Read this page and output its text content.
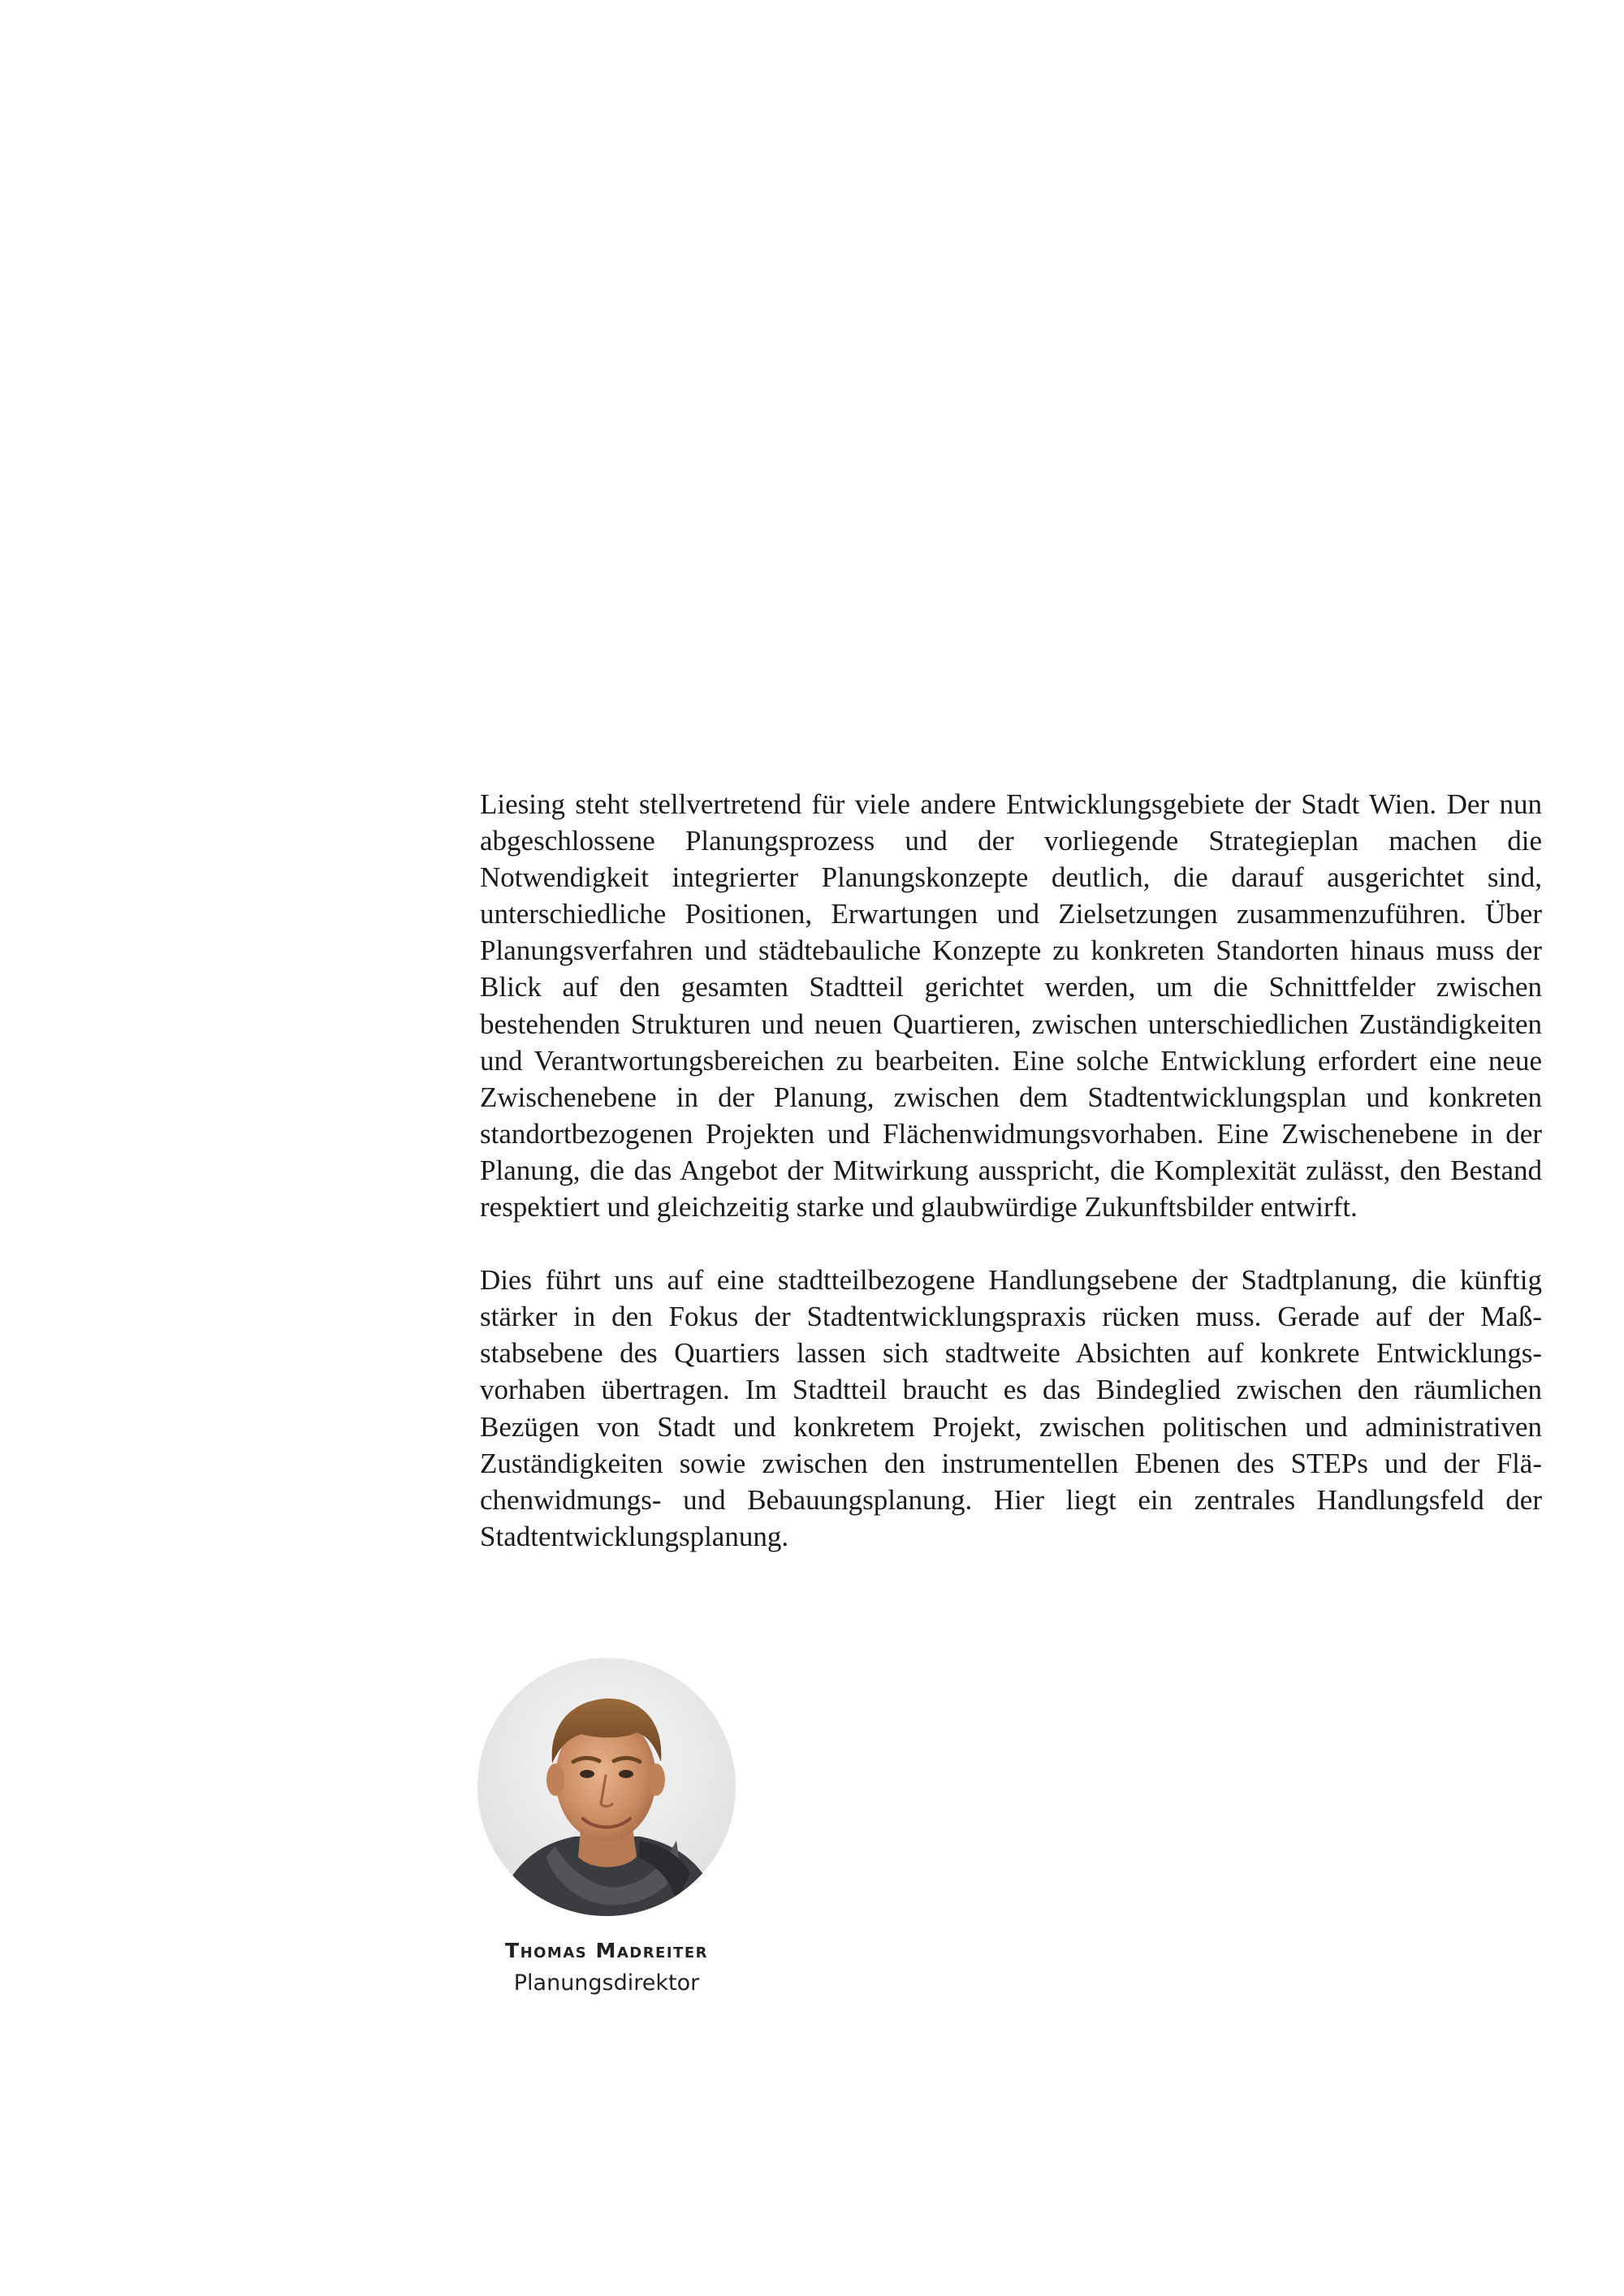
Liesing steht stellvertretend für viele andere Entwicklungsgebiete der Stadt Wien. Der nun abgeschlossene Planungsprozess und der vorliegende Strategieplan machen die Notwendigkeit integrierter Planungskonzepte deutlich, die darauf ausgerichtet sind, unterschiedliche Positionen, Erwartungen und Zielsetzungen zusammenzuführen. Über Planungsverfahren und städtebauliche Konzepte zu konkreten Standorten hinaus muss der Blick auf den gesamten Stadtteil gerichtet werden, um die Schnittfelder zwischen bestehenden Strukturen und neuen Quartieren, zwischen unterschiedlichen Zuständigkeiten und Verantwortungsbereichen zu bearbeiten. Eine solche Entwicklung erfordert eine neue Zwischenebene in der Planung, zwischen dem Stadtentwicklungsplan und konkreten standortbezogenen Projekten und Flächenwidmungsvorhaben. Eine Zwischenebene in der Planung, die das Angebot der Mitwirkung ausspricht, die Komplexität zulässt, den Bestand respektiert und gleichzeitig starke und glaubwürdige Zukunftsbilder entwirft.

Dies führt uns auf eine stadtteilbezogene Handlungsebene der Stadtplanung, die künftig stärker in den Fokus der Stadtentwicklungspraxis rücken muss. Gerade auf der Maßstabsebene des Quartiers lassen sich stadtweite Absichten auf konkrete Entwicklungsvorhaben übertragen. Im Stadtteil braucht es das Bindeglied zwischen den räumlichen Bezügen von Stadt und konkretem Projekt, zwischen politischen und administrativen Zuständigkeiten sowie zwischen den instrumentellen Ebenen des STEPs und der Flächenwidmungs- und Bebauungsplanung. Hier liegt ein zentrales Handlungsfeld der Stadtentwicklungsplanung.

Thomas Madreiter
Planungsdirektor
